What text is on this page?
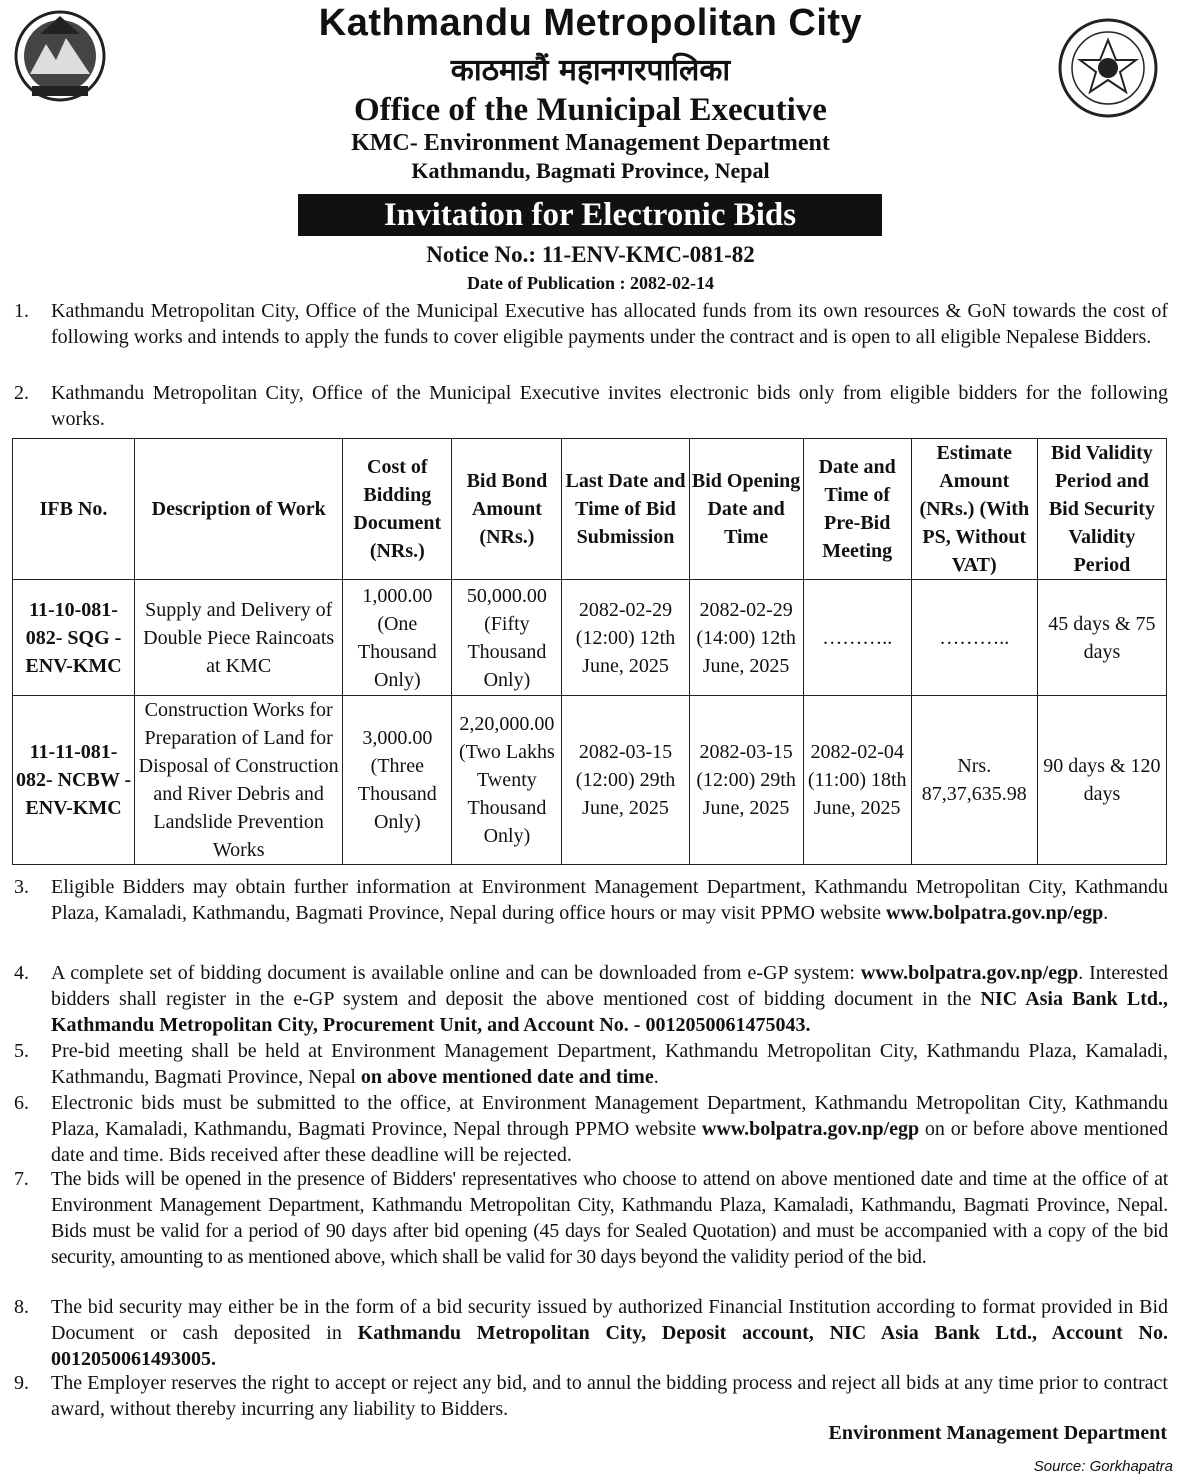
Kathmandu Metropolitan City
काठमाडौं महानगरपालिका
Office of the Municipal Executive
KMC- Environment Management Department
Kathmandu, Bagmati Province, Nepal
Invitation for Electronic Bids
Notice No.: 11-ENV-KMC-081-82
Date of Publication : 2082-02-14
1. Kathmandu Metropolitan City, Office of the Municipal Executive has allocated funds from its own resources & GoN towards the cost of following works and intends to apply the funds to cover eligible payments under the contract and is open to all eligible Nepalese Bidders.
2. Kathmandu Metropolitan City, Office of the Municipal Executive invites electronic bids only from eligible bidders for the following works.
IFB No.	Description of Work	Cost of Bidding Document (NRs.)	Bid Bond Amount (NRs.)	Last Date and Time of Bid Submission	Bid Opening Date and Time	Date and Time of Pre-Bid Meeting	Estimate Amount (NRs.) (With PS, Without VAT)	Bid Validity Period and Bid Security Validity Period
11-10-081-082- SQG -ENV-KMC	Supply and Delivery of Double Piece Raincoats at KMC	1,000.00 (One Thousand Only)	50,000.00 (Fifty Thousand Only)	2082-02-29 (12:00) 12th June, 2025	2082-02-29 (14:00) 12th June, 2025	………..	………..	45 days & 75 days
11-11-081-082- NCBW -ENV-KMC	Construction Works for Preparation of Land for Disposal of Construction and River Debris and Landslide Prevention Works	3,000.00 (Three Thousand Only)	2,20,000.00 (Two Lakhs Twenty Thousand Only)	2082-03-15 (12:00) 29th June, 2025	2082-03-15 (12:00) 29th June, 2025	2082-02-04 (11:00) 18th June, 2025	Nrs. 87,37,635.98	90 days & 120 days
3. Eligible Bidders may obtain further information at Environment Management Department, Kathmandu Metropolitan City, Kathmandu Plaza, Kamaladi, Kathmandu, Bagmati Province, Nepal during office hours or may visit PPMO website www.bolpatra.gov.np/egp.
4. A complete set of bidding document is available online and can be downloaded from e-GP system: www.bolpatra.gov.np/egp. Interested bidders shall register in the e-GP system and deposit the above mentioned cost of bidding document in the NIC Asia Bank Ltd., Kathmandu Metropolitan City, Procurement Unit, and Account No. - 0012050061475043.
5. Pre-bid meeting shall be held at Environment Management Department, Kathmandu Metropolitan City, Kathmandu Plaza, Kamaladi, Kathmandu, Bagmati Province, Nepal on above mentioned date and time.
6. Electronic bids must be submitted to the office, at Environment Management Department, Kathmandu Metropolitan City, Kathmandu Plaza, Kamaladi, Kathmandu, Bagmati Province, Nepal through PPMO website www.bolpatra.gov.np/egp on or before above mentioned date and time. Bids received after these deadline will be rejected.
7. The bids will be opened in the presence of Bidders' representatives who choose to attend on above mentioned date and time at the office of at Environment Management Department, Kathmandu Metropolitan City, Kathmandu Plaza, Kamaladi, Kathmandu, Bagmati Province, Nepal. Bids must be valid for a period of 90 days after bid opening (45 days for Sealed Quotation) and must be accompanied with a copy of the bid security, amounting to as mentioned above, which shall be valid for 30 days beyond the validity period of the bid.
8. The bid security may either be in the form of a bid security issued by authorized Financial Institution according to format provided in Bid Document or cash deposited in Kathmandu Metropolitan City, Deposit account, NIC Asia Bank Ltd., Account No. 0012050061493005.
9. The Employer reserves the right to accept or reject any bid, and to annul the bidding process and reject all bids at any time prior to contract award, without thereby incurring any liability to Bidders.
Environment Management Department
Source: Gorkhapatra
